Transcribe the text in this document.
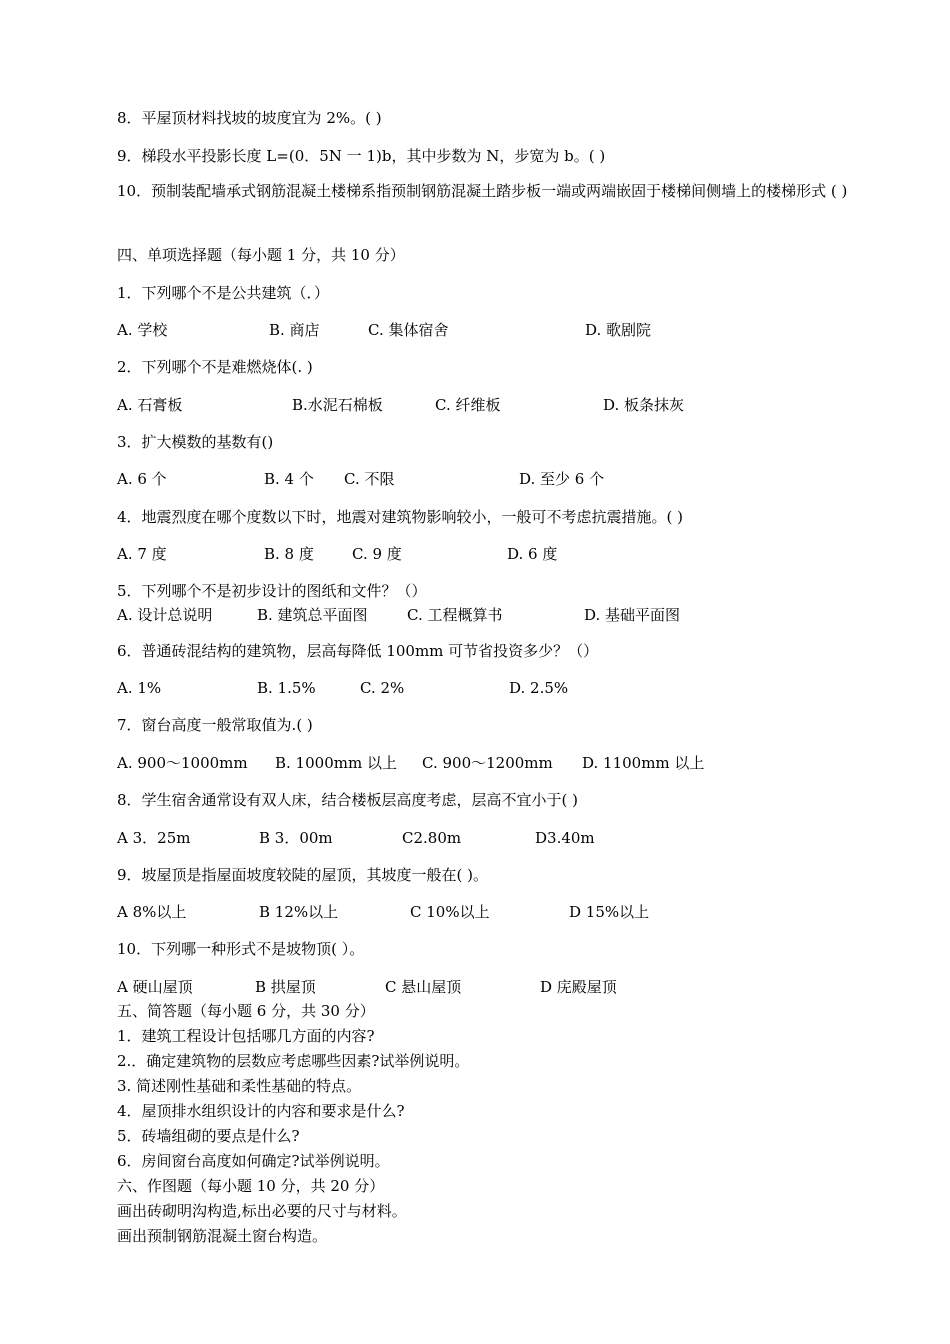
8．平屋顶材料找坡的坡度宜为 2%。( )
9．梯段水平投影长度 L=(0．5N 一 1)b，其中步数为 N，步宽为 b。( )
10．预制装配墙承式钢筋混凝土楼梯系指预制钢筋混凝土踏步板一端或两端嵌固于楼梯间侧墙上的楼梯形式 ( )
四、单项选择题（每小题 1 分，共 10 分）
1．下列哪个不是公共建筑（．）
A. 学校	B. 商店	C. 集体宿舍	D. 歌剧院
2．下列哪个不是难燃烧体(. )
A. 石膏板	B.水泥石棉板	C. 纤维板	D. 板条抹灰
3．扩大模数的基数有()
A. 6 个	B. 4 个 C. 不限	D. 至少 6 个
4．地震烈度在哪个度数以下时，地震对建筑物影响较小，一般可不考虑抗震措施。( )
A. 7 度	B. 8 度	C. 9 度	D. 6 度
5．下列哪个不是初步设计的图纸和文件？（）
A. 设计总说明	B. 建筑总平面图	C. 工程概算书	D. 基础平面图
6．普通砖混结构的建筑物，层高每降低 100mm 可节省投资多少？（）
A. 1%	B. 1.5%	C. 2%	D. 2.5%
7．窗台高度一般常取值为.( )
A. 900～1000mm B. 1000mm 以上 C. 900～1200mm D. 1100mm 以上
8．学生宿舍通常设有双人床，结合楼板层高度考虑，层高不宜小于( )
A 3．25m	B 3．00m	C2.80m	D3.40m
9．坡屋顶是指屋面坡度较陡的屋顶，其坡度一般在( )。
A 8%以上	B 12%以上	C 10%以上	D 15%以上
10．下列哪一种形式不是坡物顶( ）。
A 硬山屋顶	B 拱屋顶	C 悬山屋顶	D 庑殿屋顶
五、简答题（每小题 6 分，共 30 分）
1．建筑工程设计包括哪几方面的内容?
2.．确定建筑物的层数应考虑哪些因素?试举例说明。
3. 简述刚性基础和柔性基础的特点。
4．屋顶排水组织设计的内容和要求是什么?
5．砖墙组砌的要点是什么?
6．房间窗台高度如何确定?试举例说明。
六、作图题（每小题 10 分，共 20 分）
画出砖砌明沟构造,标出必要的尺寸与材料。
画出预制钢筋混凝土窗台构造。
